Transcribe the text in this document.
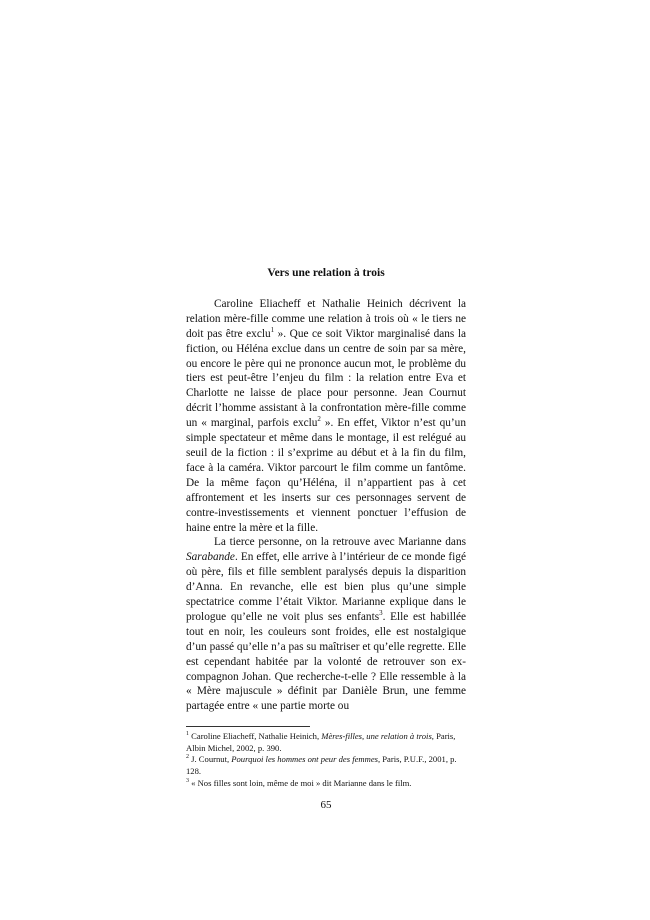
Vers une relation à trois

Caroline Eliacheff et Nathalie Heinich décrivent la relation mère-fille comme une relation à trois où « le tiers ne doit pas être exclu$^1$ ». Que ce soit Viktor marginalisé dans la fiction, ou Héléna exclue dans un centre de soin par sa mère, ou encore le père qui ne prononce aucun mot, le problème du tiers est peut-être l’enjeu du film : la relation entre Eva et Charlotte ne laisse de place pour personne. Jean Cournut décrit l’homme assistant à la confrontation mère-fille comme un « marginal, parfois exclu$^2$ ». En effet, Viktor n’est qu’un simple spectateur et même dans le montage, il est relégué au seuil de la fiction : il s’exprime au début et à la fin du film, face à la caméra. Viktor parcourt le film comme un fantôme. De la même façon qu’Héléna, il n’appartient pas à cet affrontement et les inserts sur ces personnages servent de contre-investissements et viennent ponctuer l’effusion de haine entre la mère et la fille.

La tierce personne, on la retrouve avec Marianne dans Sarabande. En effet, elle arrive à l’intérieur de ce monde figé où père, fils et fille semblent paralysés depuis la disparition d’Anna. En revanche, elle est bien plus qu’une simple spectatrice comme l’était Viktor. Marianne explique dans le prologue qu’elle ne voit plus ses enfants$^3$. Elle est habillée tout en noir, les couleurs sont froides, elle est nostalgique d’un passé qu’elle n’a pas su maîtriser et qu’elle regrette. Elle est cependant habitée par la volonté de retrouver son ex-compagnon Johan. Que recherche-t-elle ? Elle ressemble à la « Mère majuscule » définit par Danièle Brun, une femme partagée entre « une partie morte ou

$^1$ Caroline Eliacheff, Nathalie Heinich, Mères-filles, une relation à trois, Paris, Albin Michel, 2002, p. 390.

$^2$ J. Cournut, Pourquoi les hommes ont peur des femmes, Paris, P.U.F., 2001, p. 128.

$^3$ « Nos filles sont loin, même de moi » dit Marianne dans le film.

65
